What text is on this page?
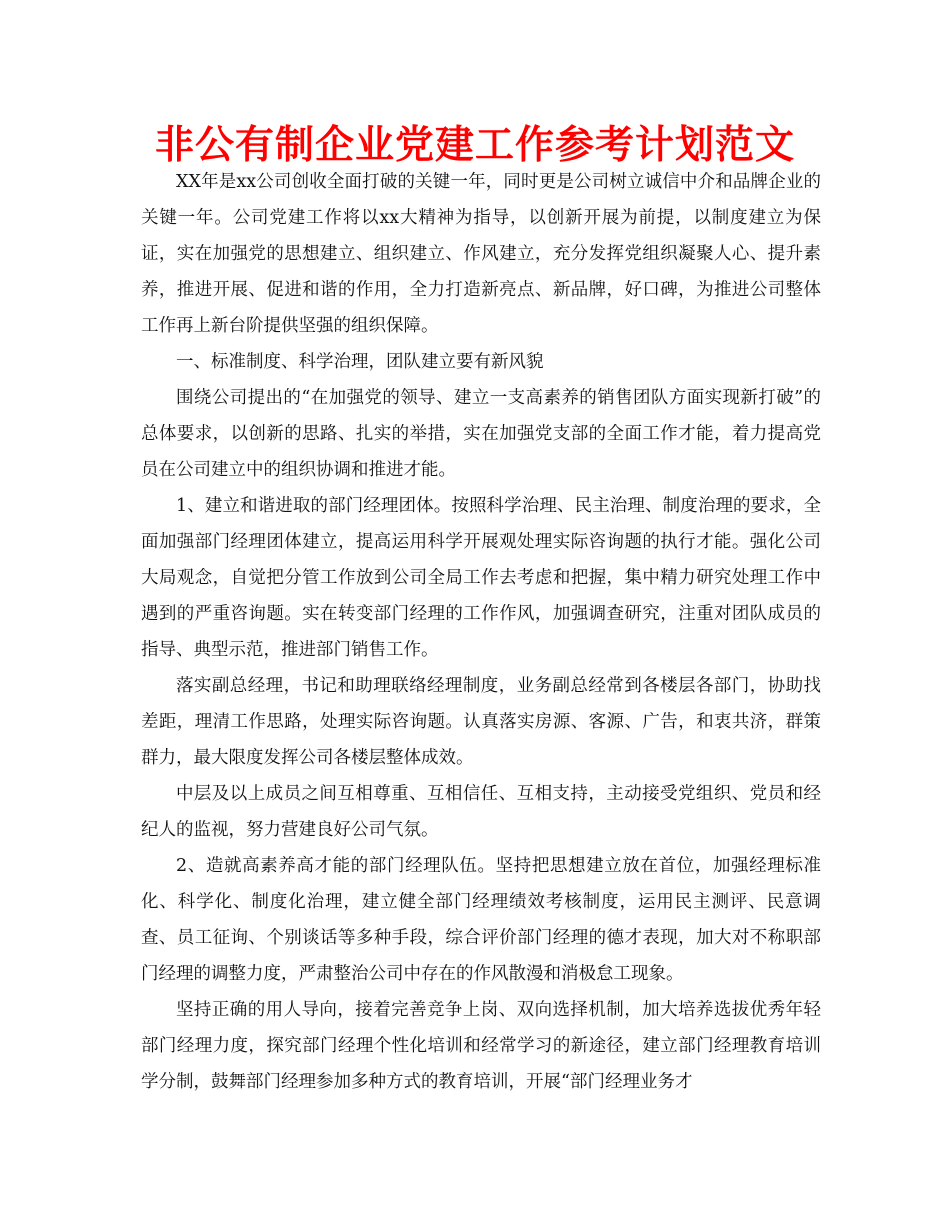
非公有制企业党建工作参考计划范文

XX年是xx公司创收全面打破的关键一年，同时更是公司树立诚信中介和品牌企业的关键一年。公司党建工作将以xx大精神为指导，以创新开展为前提，以制度建立为保证，实在加强党的思想建立、组织建立、作风建立，充分发挥党组织凝聚人心、提升素养，推进开展、促进和谐的作用，全力打造新亮点、新品牌，好口碑，为推进公司整体工作再上新台阶提供坚强的组织保障。

一、标准制度、科学治理，团队建立要有新风貌

围绕公司提出的“在加强党的领导、建立一支高素养的销售团队方面实现新打破”的总体要求，以创新的思路、扎实的举措，实在加强党支部的全面工作才能，着力提高党员在公司建立中的组织协调和推进才能。

1、建立和谐进取的部门经理团体。按照科学治理、民主治理、制度治理的要求，全面加强部门经理团体建立，提高运用科学开展观处理实际咨询题的执行才能。强化公司大局观念，自觉把分管工作放到公司全局工作去考虑和把握，集中精力研究处理工作中遇到的严重咨询题。实在转变部门经理的工作作风，加强调查研究，注重对团队成员的指导、典型示范，推进部门销售工作。

落实副总经理，书记和助理联络经理制度，业务副总经常到各楼层各部门，协助找差距，理清工作思路，处理实际咨询题。认真落实房源、客源、广告，和衷共济，群策群力，最大限度发挥公司各楼层整体成效。

中层及以上成员之间互相尊重、互相信任、互相支持，主动接受党组织、党员和经纪人的监视，努力营建良好公司气氛。

2、造就高素养高才能的部门经理队伍。坚持把思想建立放在首位，加强经理标准化、科学化、制度化治理，建立健全部门经理绩效考核制度，运用民主测评、民意调查、员工征询、个别谈话等多种手段，综合评价部门经理的德才表现，加大对不称职部门经理的调整力度，严肃整治公司中存在的作风散漫和消极怠工现象。

坚持正确的用人导向，接着完善竞争上岗、双向选择机制，加大培养选拔优秀年轻部门经理力度，探究部门经理个性化培训和经常学习的新途径，建立部门经理教育培训学分制，鼓舞部门经理参加多种方式的教育培训，开展“部门经理业务才
